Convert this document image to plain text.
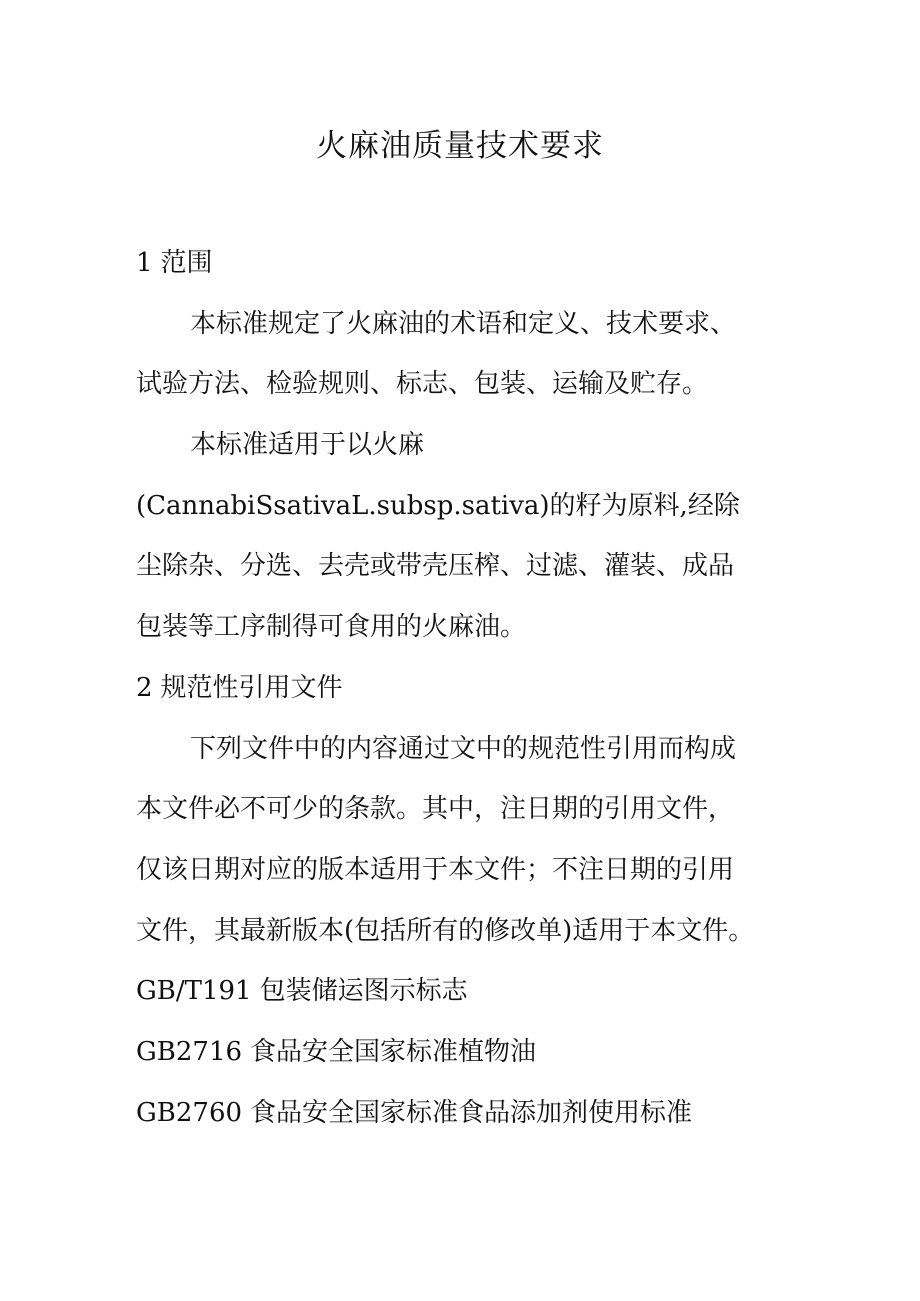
火麻油质量技术要求
1 范围
本标准规定了火麻油的术语和定义、技术要求、
试验方法、检验规则、标志、包装、运输及贮存。
本标准适用于以火麻
(CannabiSsativaL.subsp.sativa)的籽为原料,经除
尘除杂、分选、去壳或带壳压榨、过滤、灌装、成品
包装等工序制得可食用的火麻油。
2 规范性引用文件
下列文件中的内容通过文中的规范性引用而构成
本文件必不可少的条款。其中，注日期的引用文件，
仅该日期对应的版本适用于本文件；不注日期的引用
文件，其最新版本(包括所有的修改单)适用于本文件。
GB/T191 包装储运图示标志
GB2716 食品安全国家标准植物油
GB2760 食品安全国家标准食品添加剂使用标准
